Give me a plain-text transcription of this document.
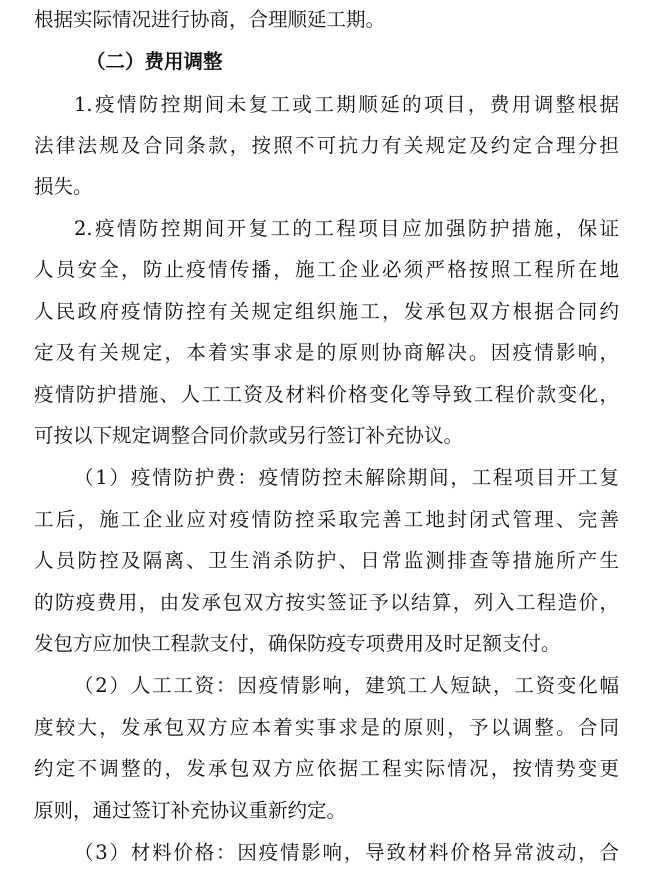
根据实际情况进行协商，合理顺延工期。
（二）费用调整
1.疫情防控期间未复工或工期顺延的项目，费用调整根据
法律法规及合同条款，按照不可抗力有关规定及约定合理分担
损失。
2.疫情防控期间开复工的工程项目应加强防护措施，保证
人员安全，防止疫情传播，施工企业必须严格按照工程所在地
人民政府疫情防控有关规定组织施工，发承包双方根据合同约
定及有关规定，本着实事求是的原则协商解决。因疫情影响，
疫情防护措施、人工工资及材料价格变化等导致工程价款变化，
可按以下规定调整合同价款或另行签订补充协议。
（1）疫情防护费：疫情防控未解除期间，工程项目开工复
工后，施工企业应对疫情防控采取完善工地封闭式管理、完善
人员防控及隔离、卫生消杀防护、日常监测排查等措施所产生
的防疫费用，由发承包双方按实签证予以结算，列入工程造价，
发包方应加快工程款支付，确保防疫专项费用及时足额支付。
（2）人工工资：因疫情影响，建筑工人短缺，工资变化幅
度较大，发承包双方应本着实事求是的原则，予以调整。合同
约定不调整的，发承包双方应依据工程实际情况，按情势变更
原则，通过签订补充协议重新约定。
（3）材料价格：因疫情影响，导致材料价格异常波动，合
